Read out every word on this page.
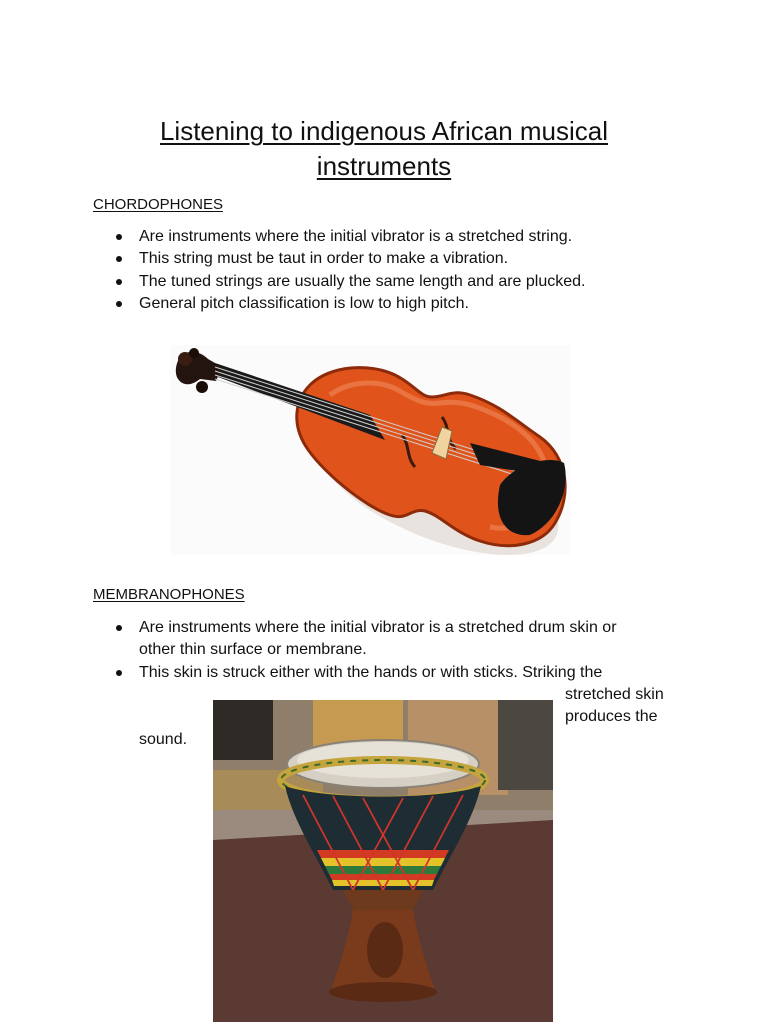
Listening to indigenous African musical instruments
CHORDOPHONES
Are instruments where the initial vibrator is a stretched string.
This string must be taut in order to make a vibration.
The tuned strings are usually the same length and are plucked.
General pitch classification is low to high pitch.
MEMBRANOPHONES
Are instruments where the initial vibrator is a stretched drum skin or
other thin surface or membrane.
This skin is struck either with the hands or with sticks. Striking the
stretched skin
produces the
sound.
